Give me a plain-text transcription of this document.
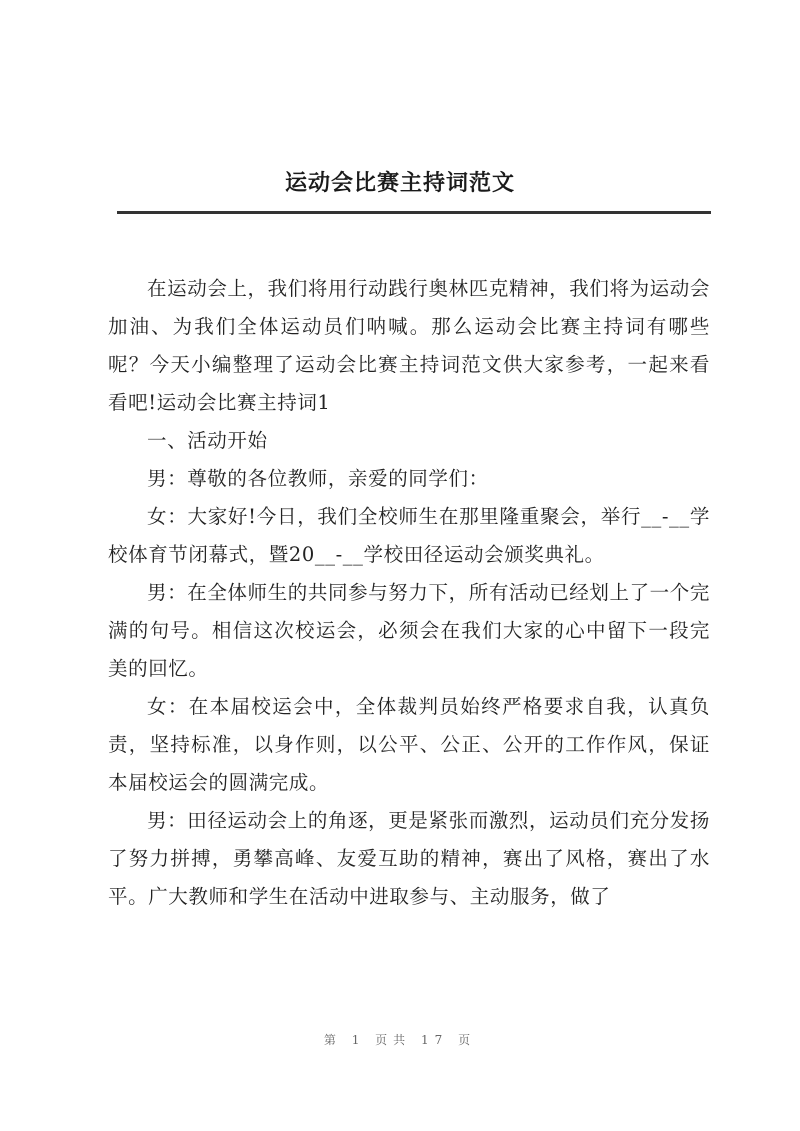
运动会比赛主持词范文

在运动会上，我们将用行动践行奥林匹克精神，我们将为运动会加油、为我们全体运动员们呐喊。那么运动会比赛主持词有哪些呢？今天小编整理了运动会比赛主持词范文供大家参考，一起来看看吧!运动会比赛主持词1

一、活动开始

男：尊敬的各位教师，亲爱的同学们：

女：大家好!今日，我们全校师生在那里隆重聚会，举行__-__学校体育节闭幕式，暨20__-__学校田径运动会颁奖典礼。

男：在全体师生的共同参与努力下，所有活动已经划上了一个完满的句号。相信这次校运会，必须会在我们大家的心中留下一段完美的回忆。

女：在本届校运会中，全体裁判员始终严格要求自我，认真负责，坚持标准，以身作则，以公平、公正、公开的工作作风，保证本届校运会的圆满完成。

男：田径运动会上的角逐，更是紧张而激烈，运动员们充分发扬了努力拼搏，勇攀高峰、友爱互助的精神，赛出了风格，赛出了水平。广大教师和学生在活动中进取参与、主动服务，做了

第 1 页共 17 页
